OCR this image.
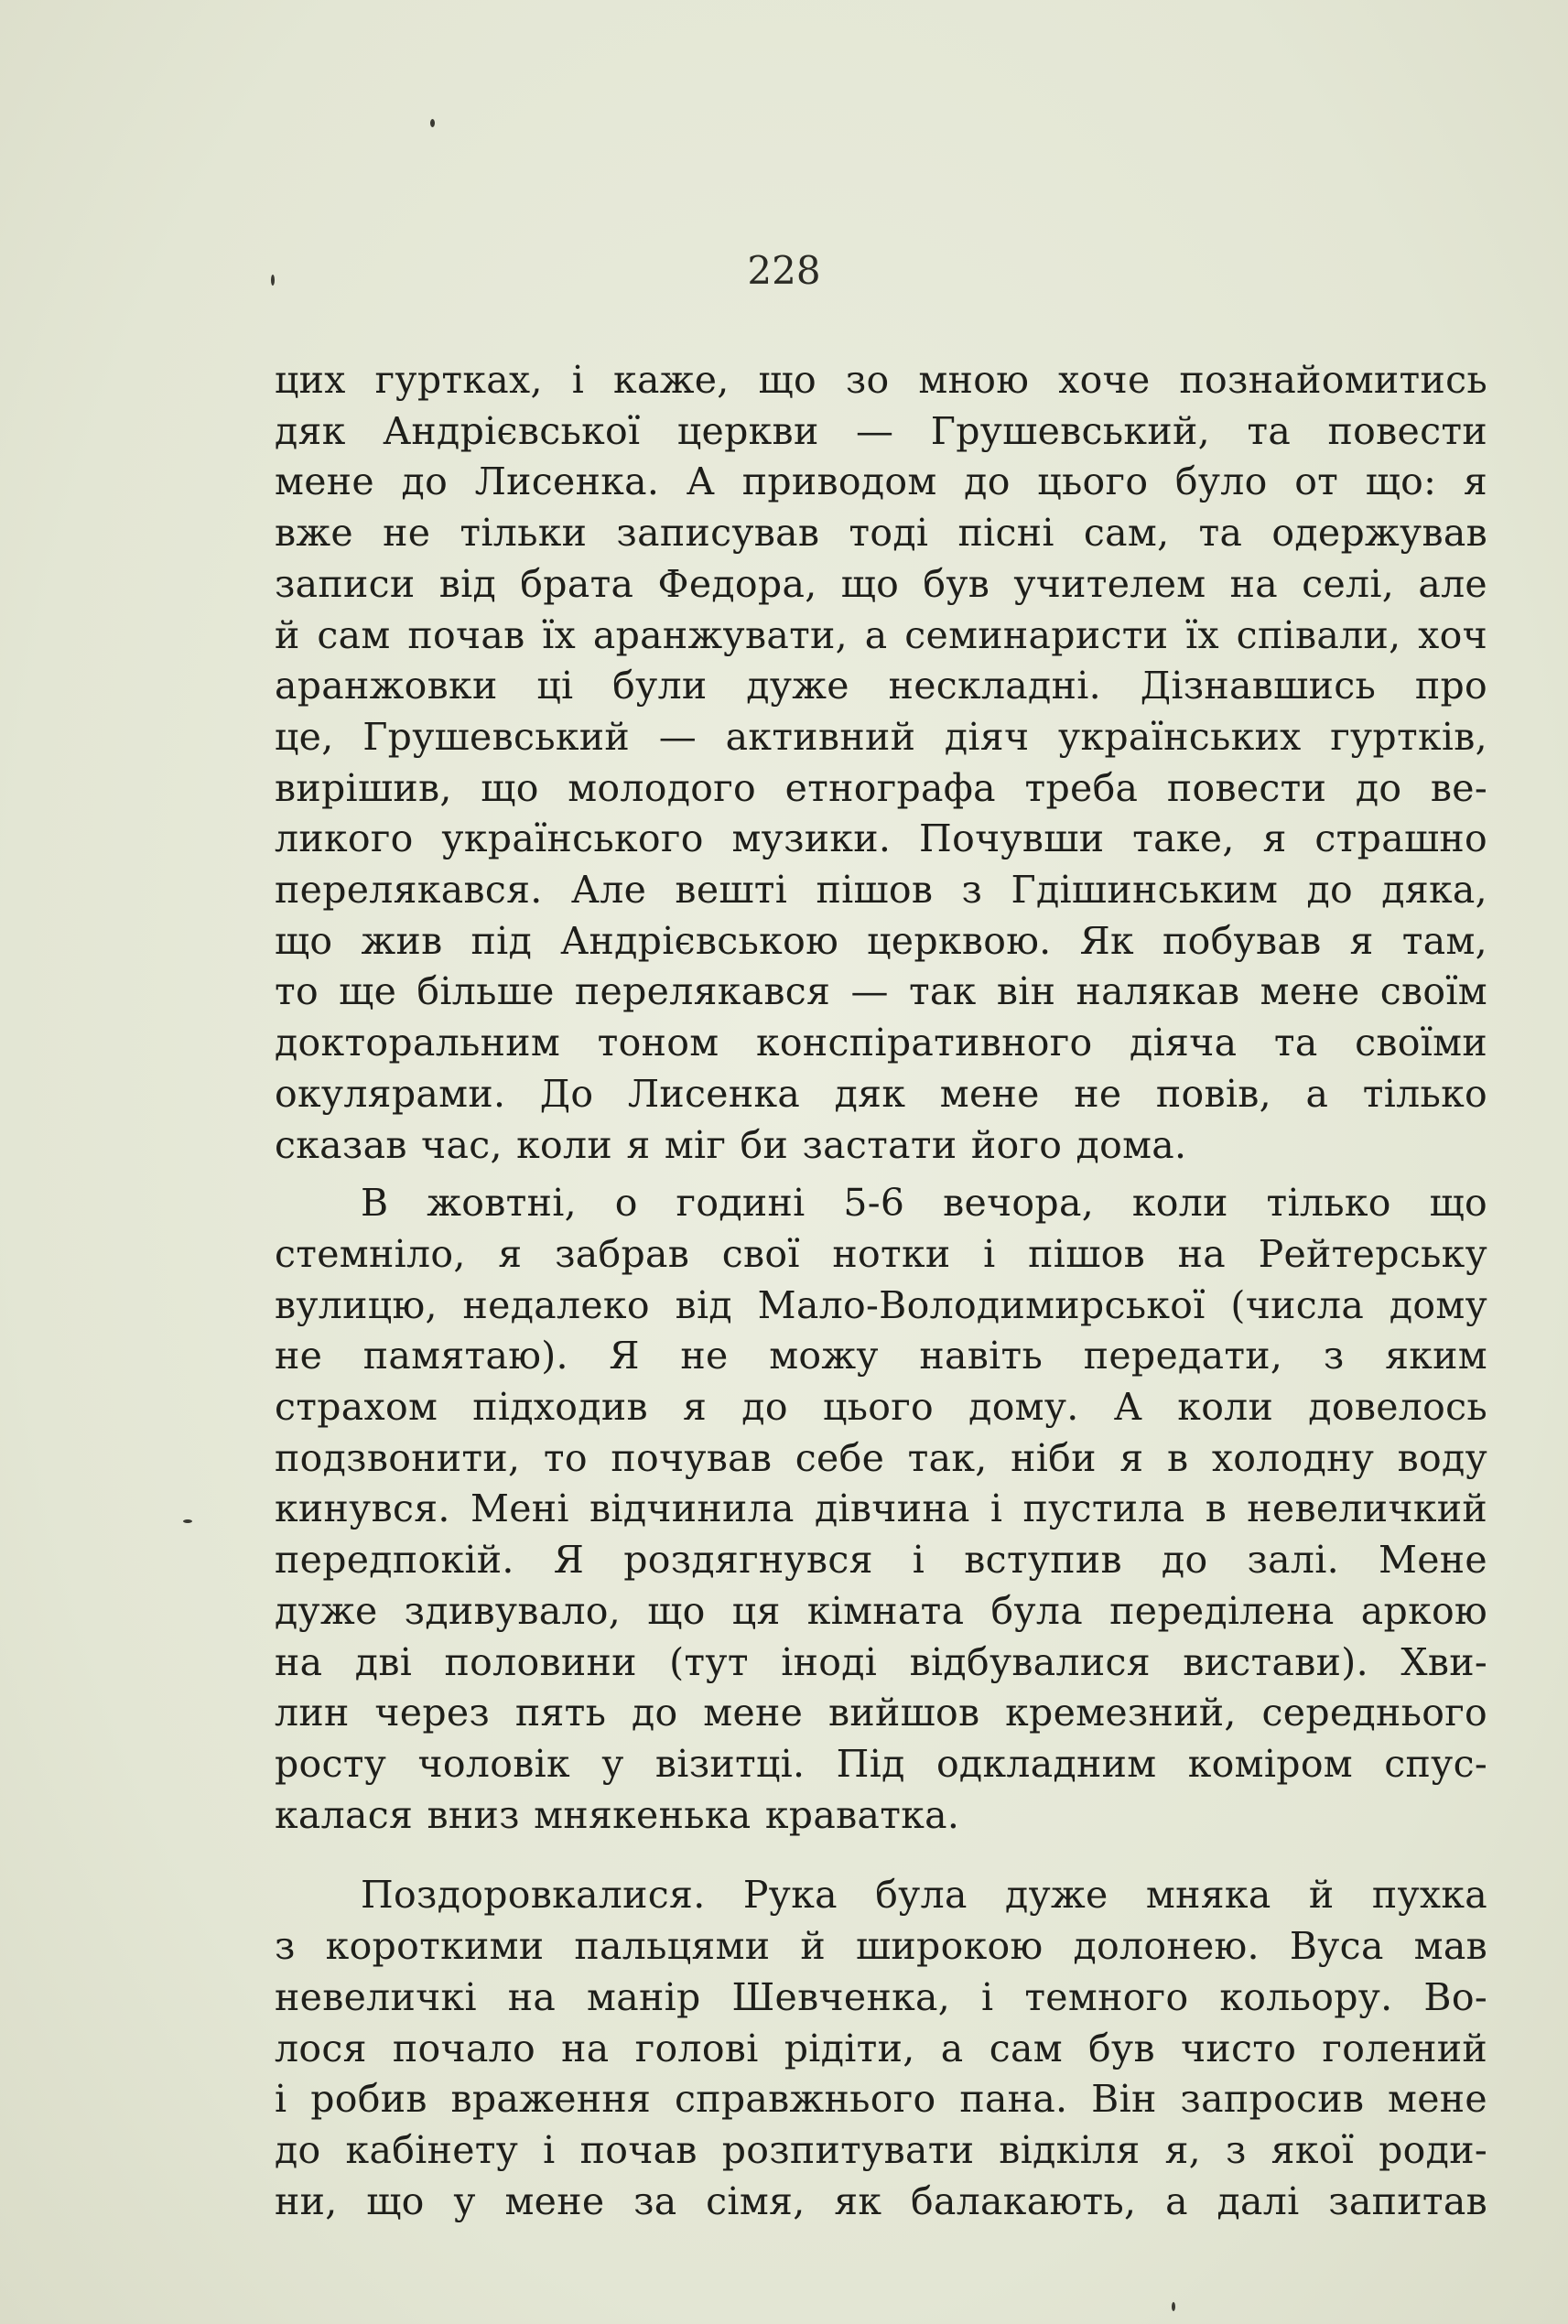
228

цих гуртках, і каже, що зо мною хоче познайомитись
дяк Андрієвської церкви — Грушевський, та повести
мене до Лисенка. А приводом до цього було от що: я
вже не тільки записував тоді пісні сам, та одержував
записи від брата Федора, що був учителем на селі, але
й сам почав їх аранжувати, а семинаристи їх співали, хоч
аранжовки ці були дуже нескладні. Дізнавшись про
це, Грушевський — активний діяч українських гуртків,
вирішив, що молодого етнографа треба повести до ве-
ликого українського музики. Почувши таке, я страшно
перелякався. Але вешті пішов з Гдішинським до дяка,
що жив під Андрієвською церквою. Як побував я там,
то ще більше перелякався — так він налякав мене своїм
докторальним тоном конспіративного діяча та своїми
окулярами. До Лисенка дяк мене не повів, а тілько
сказав час, коли я міг би застати його дома.

В жовтні, о годині 5-6 вечора, коли тілько що
стемніло, я забрав свої нотки і пішов на Рейтерську
вулицю, недалеко від Мало-Володимирської (числа дому
не памятаю). Я не можу навіть передати, з яким
страхом підходив я до цього дому. А коли довелось
подзвонити, то почував себе так, ніби я в холодну воду
кинувся. Мені відчинила дівчина і пустила в невеличкий
передпокій. Я роздягнувся і вступив до залі. Мене
дуже здивувало, що ця кімната була переділена аркою
на дві половини (тут іноді відбувалися вистави). Хви-
лин через пять до мене вийшов кремезний, середнього
росту чоловік у візитці. Під одкладним коміром спус-
калася вниз мнякенька краватка.

Поздоровкалися. Рука була дуже мняка й пухка
з короткими пальцями й широкою долонею. Вуса мав
невеличкі на манір Шевченка, і темного кольору. Во-
лося почало на голові рідіти, а сам був чисто голений
і робив враження справжнього пана. Він запросив мене
до кабінету і почав розпитувати відкіля я, з якої роди-
ни, що у мене за сімя, як балакають, а далі запитав
